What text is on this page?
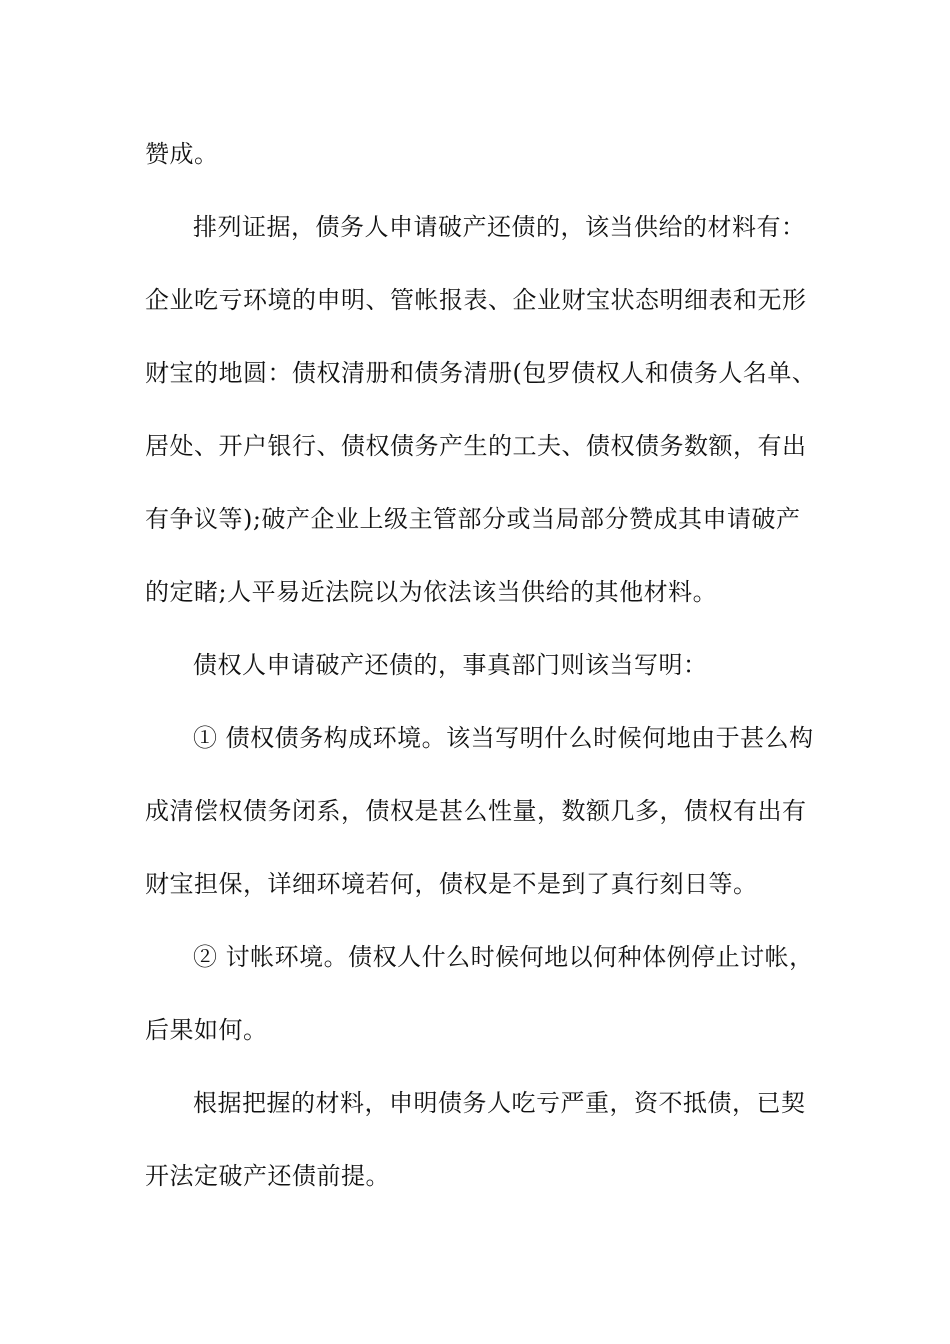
赞成。
排列证据，债务人申请破产还债的，该当供给的材料有：
企业吃亏环境的申明、管帐报表、企业财宝状态明细表和无形
财宝的地圆：债权清册和债务清册(包罗债权人和债务人名单、
居处、开户银行、债权债务产生的工夫、债权债务数额，有出
有争议等);破产企业上级主管部分或当局部分赞成其申请破产
的定睹;人平易近法院以为依法该当供给的其他材料。
债权人申请破产还债的，事真部门则该当写明：
① 债权债务构成环境。该当写明什么时候何地由于甚么构
成清偿权债务闭系，债权是甚么性量，数额几多，债权有出有
财宝担保，详细环境若何，债权是不是到了真行刻日等。
② 讨帐环境。债权人什么时候何地以何种体例停止讨帐，
后果如何。
根据把握的材料，申明债务人吃亏严重，资不抵债，已契
开法定破产还债前提。
